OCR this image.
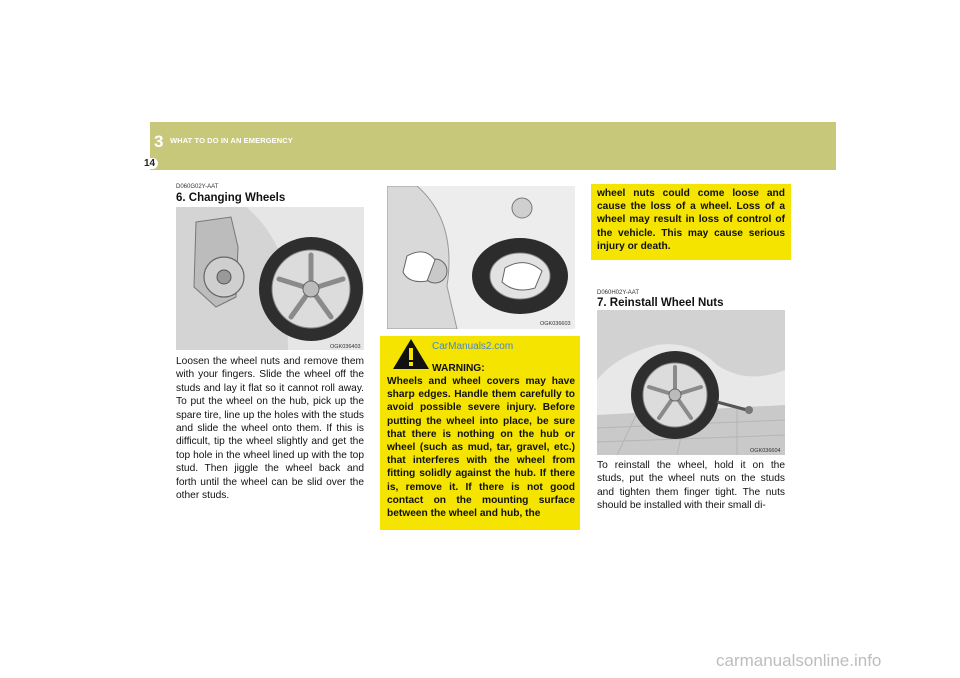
3 WHAT TO DO IN AN EMERGENCY
14
D060G02Y-AAT
6. Changing Wheels
OGK036403
Loosen the wheel nuts and remove them with your fingers. Slide the wheel off the studs and lay it flat so it cannot roll away. To put the wheel on the hub, pick up the spare tire, line up the holes with the studs and slide the wheel onto them. If this is difficult, tip the wheel slightly and get the top hole in the wheel lined up with the top stud. Then jiggle the wheel back and forth until the wheel can be slid over the other studs.
OGK036603
CarManuals2.com
WARNING:
Wheels and wheel covers may have sharp edges. Handle them carefully to avoid possible severe injury. Before putting the wheel into place, be sure that there is nothing on the hub or wheel (such as mud, tar, gravel, etc.) that interferes with the wheel from fitting solidly against the hub. If there is, remove it. If there is not good contact on the mounting surface between the wheel and hub, the
wheel nuts could come loose and cause the loss of a wheel. Loss of a wheel may result in loss of control of the vehicle. This may cause serious injury or death.
D060H02Y-AAT
7. Reinstall Wheel Nuts
OGK036604
To reinstall the wheel, hold it on the studs, put the wheel nuts on the studs and tighten them finger tight. The nuts should be installed with their small di-
carmanualsonline.info
